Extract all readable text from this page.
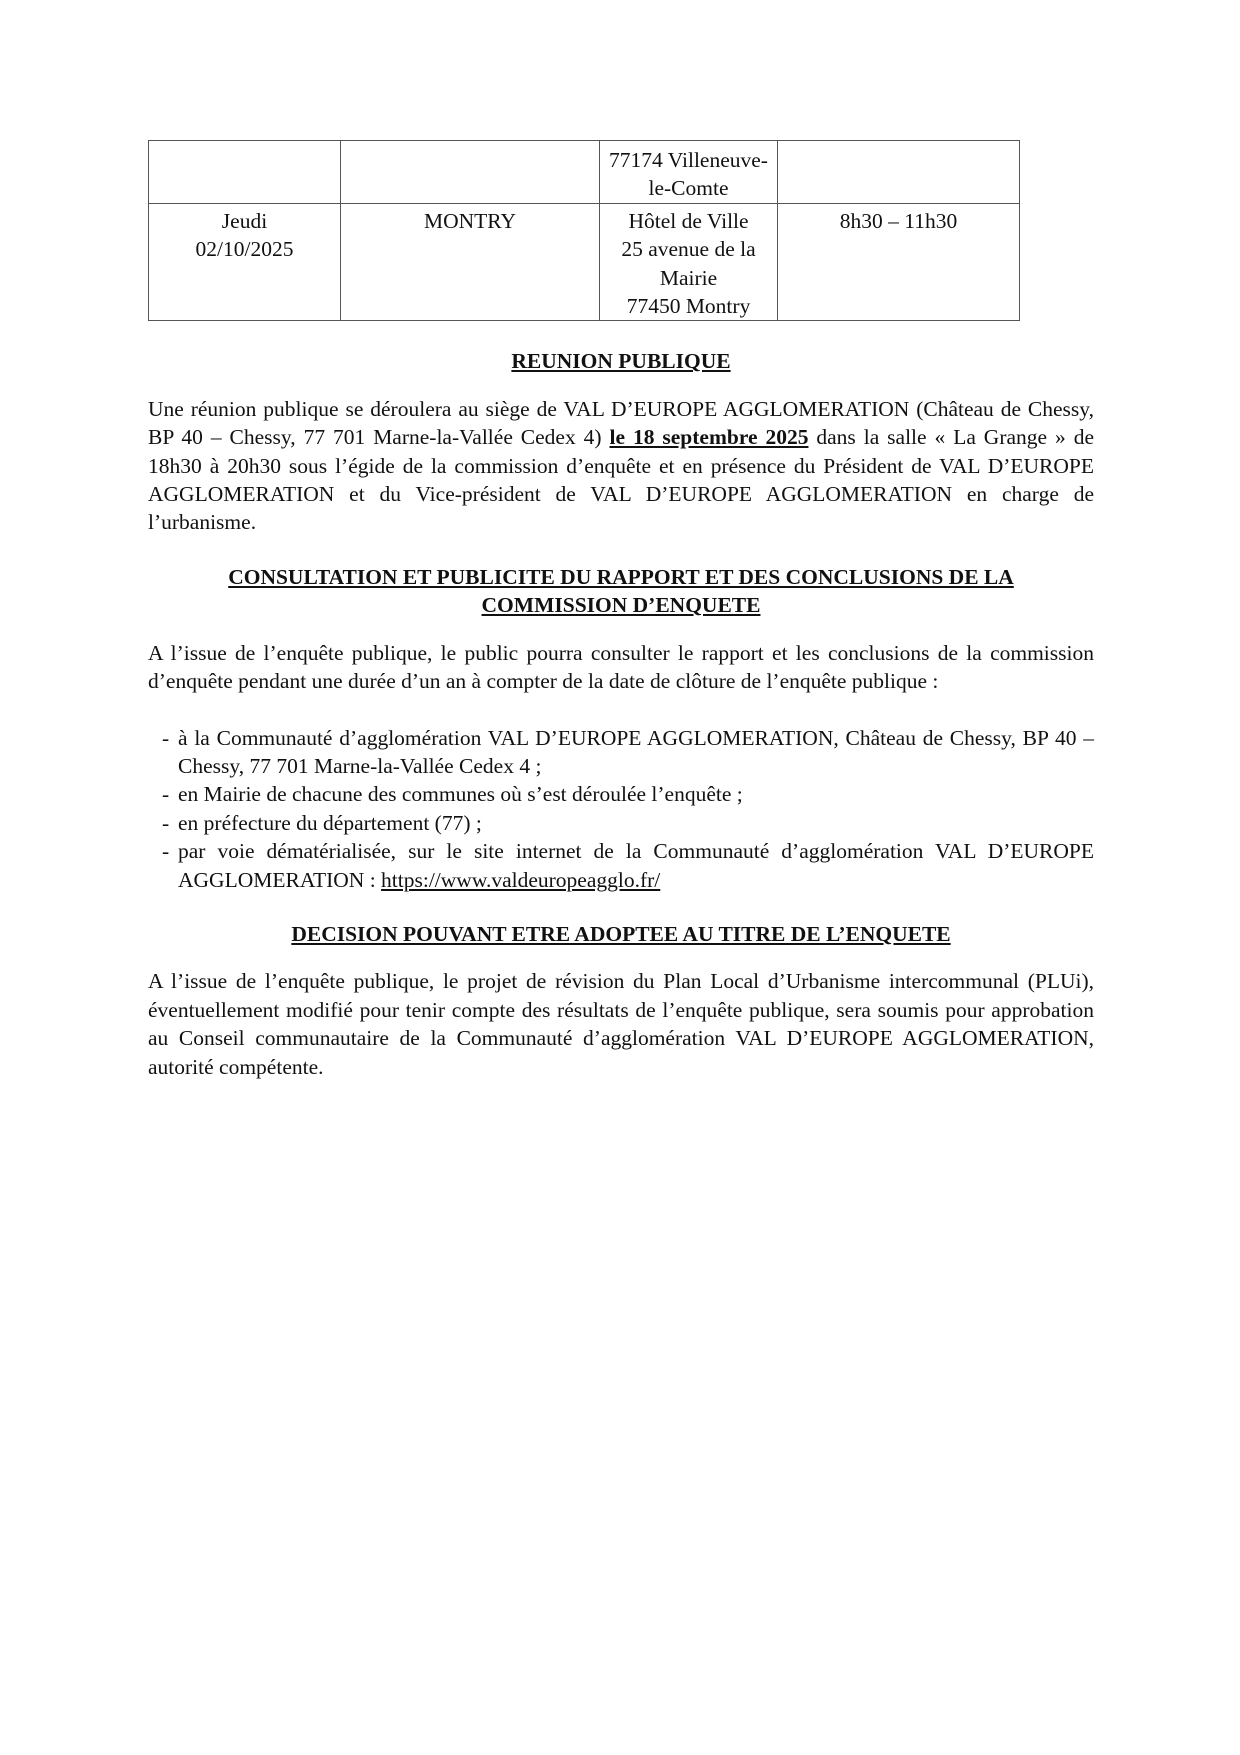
		77174 Villeneuve-
le-Comte	

Jeudi
02/10/2025	MONTRY	Hôtel de Ville
25 avenue de la
Mairie
77450 Montry	8h30 – 11h30
REUNION PUBLIQUE

Une réunion publique se déroulera au siège de VAL D’EUROPE AGGLOMERATION (Château de Chessy, BP 40 – Chessy, 77 701 Marne-la-Vallée Cedex 4) le 18 septembre 2025 dans la salle « La Grange » de 18h30 à 20h30 sous l’égide de la commission d’enquête et en présence du Président de VAL D’EUROPE AGGLOMERATION et du Vice-président de VAL D’EUROPE AGGLOMERATION en charge de l’urbanisme.

CONSULTATION ET PUBLICITE DU RAPPORT ET DES CONCLUSIONS DE LA
COMMISSION D’ENQUETE

A l’issue de l’enquête publique, le public pourra consulter le rapport et les conclusions de la commission d’enquête pendant une durée d’un an à compter de la date de clôture de l’enquête publique :

- à la Communauté d’agglomération VAL D’EUROPE AGGLOMERATION, Château de Chessy, BP 40 – Chessy, 77 701 Marne-la-Vallée Cedex 4 ;
- en Mairie de chacune des communes où s’est déroulée l’enquête ;
- en préfecture du département (77) ;
- par voie dématérialisée, sur le site internet de la Communauté d’agglomération VAL D’EUROPE AGGLOMERATION : https://www.valdeuropeagglo.fr/
DECISION POUVANT ETRE ADOPTEE AU TITRE DE L’ENQUETE

A l’issue de l’enquête publique, le projet de révision du Plan Local d’Urbanisme intercommunal (PLUi), éventuellement modifié pour tenir compte des résultats de l’enquête publique, sera soumis pour approbation au Conseil communautaire de la Communauté d’agglomération VAL D’EUROPE AGGLOMERATION, autorité compétente.
